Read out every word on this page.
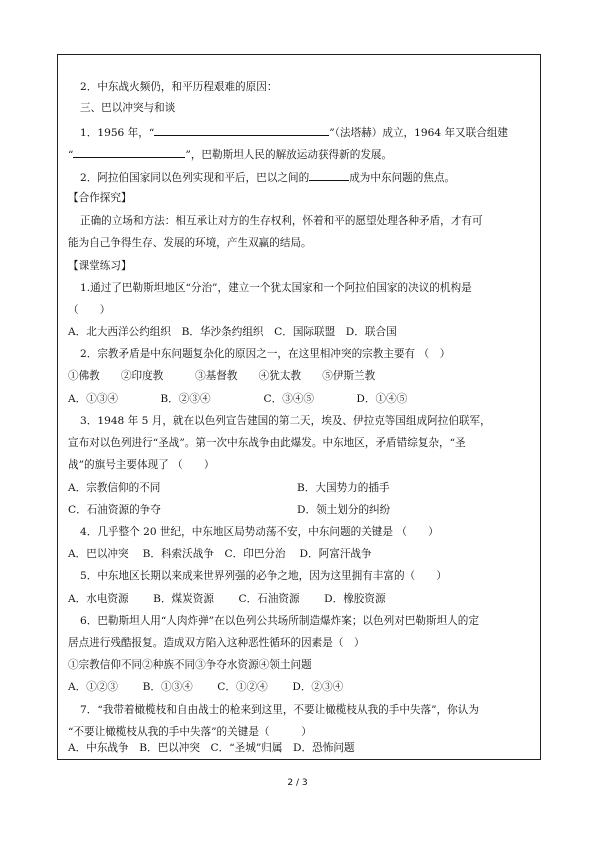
2．中东战火频仍，和平历程艰难的原因：
三、巴以冲突与和谈
1．1956 年，“	”（法塔赫）成立，1964 年又联合组建
“	”，巴勒斯坦人民的解放运动获得新的发展。
2．阿拉伯国家同以色列实现和平后，巴以之间的	成为中东问题的焦点。
【合作探究】
正确的立场和方法：相互承让对方的生存权利，怀着和平的愿望处理各种矛盾，才有可
能为自己争得生存、发展的环境，产生双赢的结局。
【课堂练习】
1.通过了巴勒斯坦地区“分治”，建立一个犹太国家和一个阿拉伯国家的决议的机构是
（　　）
A．北大西洋公约组织　B．华沙条约组织　C．国际联盟　D．联合国
2．宗教矛盾是中东问题复杂化的原因之一，在这里相冲突的宗教主要有 （　）
①佛教　　②印度教　　　③基督教　　④犹太教　　⑤伊斯兰教
A．①③④　　　　B．②③④　　　　　C．③④⑤　　　　D．①④⑤
3．1948 年 5 月，就在以色列宣告建国的第二天，埃及、伊拉克等国组成阿拉伯联军，
宣布对以色列进行“圣战”。第一次中东战争由此爆发。中东地区，矛盾错综复杂，“圣
战”的旗号主要体现了 （　　）
A．宗教信仰的不同	B．大国势力的插手
C．石油资源的争夺	D．领土划分的纠纷
4．几乎整个 20 世纪，中东地区局势动荡不安，中东问题的关键是 （　　）
A．巴以冲突　 B．科索沃战争　C．印巴分治　 D．阿富汗战争
5．中东地区长期以来成来世界列强的必争之地，因为这里拥有丰富的（　　）
A．水电资源　　 B．煤炭资源　　 C．石油资源　　 D．橡胶资源
6．巴勒斯坦人用“人肉炸弹”在以色列公共场所制造爆炸案；以色列对巴勒斯坦人的定
居点进行残酷报复。造成双方陷入这种恶性循环的因素是（　）
①宗教信仰不同②种族不同③争夺水资源④领土问题
A．①②③　　 B．①③④　　 C．①②④　　 D．②③④
7．“我带着橄榄枝和自由战士的枪来到这里，不要让橄榄枝从我的手中失落”，你认为
“不要让橄榄枝从我的手中失落”的关键是（　　　）
A．中东战争　B．巴以冲突　C．“圣城”归属　D．恐怖问题
2 / 3
